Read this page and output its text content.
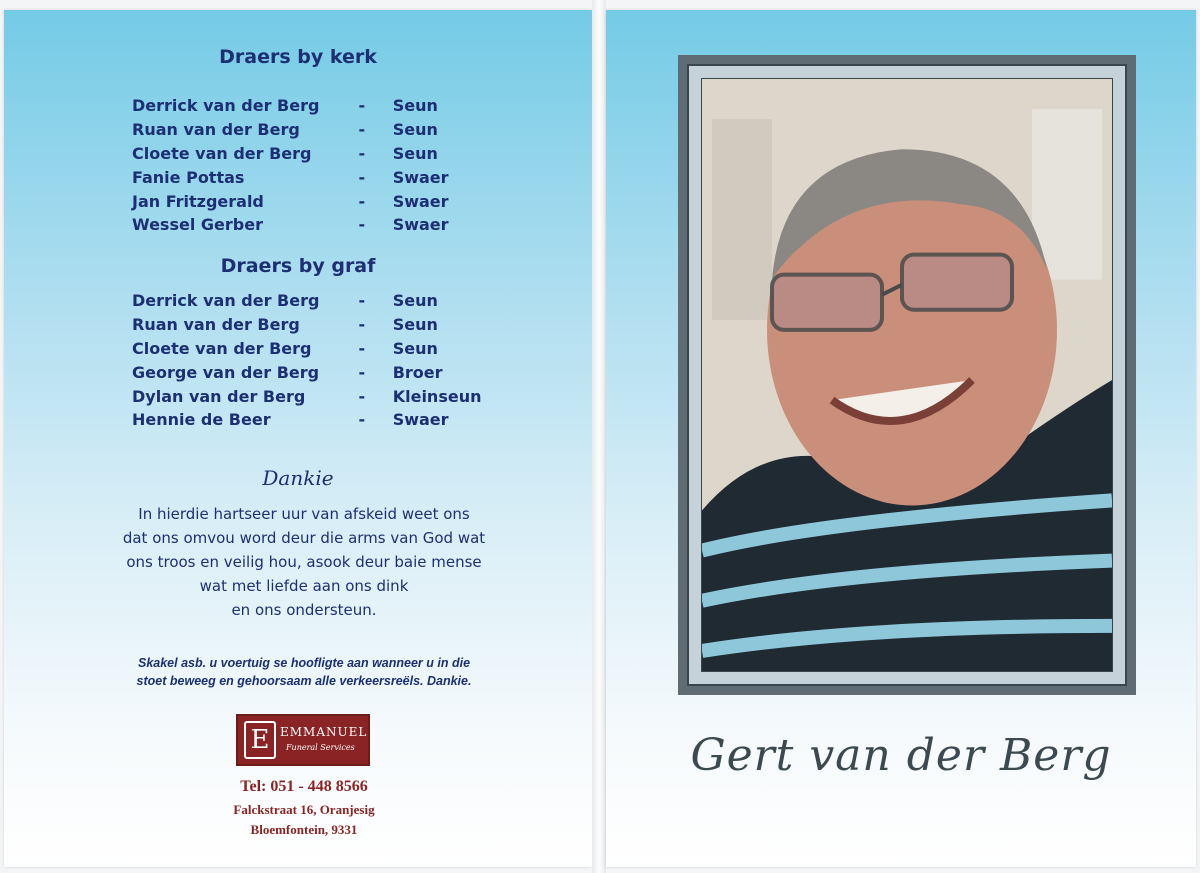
Draers by kerk
Derrick van der Berg	-	Seun
Ruan van der Berg	-	Seun
Cloete van der Berg	-	Seun
Fanie Pottas	-	Swaer
Jan Fritzgerald	-	Swaer
Wessel Gerber	-	Swaer
Draers by graf
Derrick van der Berg	-	Seun
Ruan van der Berg	-	Seun
Cloete van der Berg	-	Seun
George van der Berg	-	Broer
Dylan van der Berg	-	Kleinseun
Hennie de Beer	-	Swaer
Dankie
In hierdie hartseer uur van afskeid weet ons
dat ons omvou word deur die arms van God wat
ons troos en veilig hou, asook deur baie mense
wat met liefde aan ons dink
en ons ondersteun.
Skakel asb. u voertuig se hoofligte aan wanneer u in die
stoet beweeg en gehoorsaam alle verkeersreëls. Dankie.
E EMMANUEL
Funeral Services
Tel: 051 - 448 8566
Falckstraat 16, Oranjesig
Bloemfontein, 9331
Gert van der Berg
